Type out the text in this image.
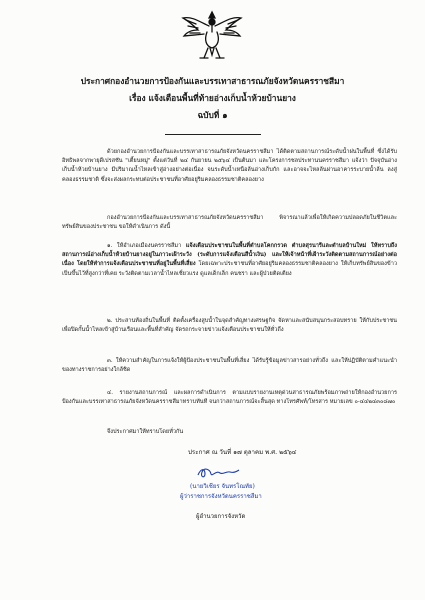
ประกาศกองอำนวยการป้องกันและบรรเทาสาธารณภัยจังหวัดนครราชสีมา
เรื่อง แจ้งเตือนพื้นที่ท้ายอ่างเก็บน้ำห้วยบ้านยาง
ฉบับที่ ๑
ด้วยกองอำนวยการป้องกันและบรรเทาสาธารณภัยจังหวัดนครราชสีมา ได้ติดตามสถานการณ์ระดับน้ำฝนในพื้นที่ ซึ่งได้รับอิทธิพลจากพายุดีเปรสชัน "เตี้ยนหมู่" ตั้งแต่วันที่ ๒๔ กันยายน ๒๕๖๔ เป็นต้นมา และโครงการชลประทานนครราชสีมา แจ้งว่า ปัจจุบันอ่างเก็บน้ำห้วยบ้านยาง มีปริมาณน้ำไหลเข้าสู่อ่างอย่างต่อเนื่อง จนระดับน้ำเหนือล้นอ่างเก็บกัก และอาจจะไหลล้นผ่านอาคารระบายน้ำล้น ลงสู่คลองธรรมชาติ ซึ่งจะส่งผลกระทบต่อประชาชนที่อาศัยอยู่ริมคลองธรรมชาติคลองยาง
กองอำนวยการป้องกันและบรรเทาสาธารณภัยจังหวัดนครราชสีมา พิจารณาแล้วเพื่อให้เกิดความปลอดภัยในชีวิตและทรัพย์สินของประชาชน ขอให้ดำเนินการ ดังนี้
๑. ให้อำเภอเมืองนครราชสีมา แจ้งเตือนประชาชนในพื้นที่ตำบลโคกกรวด ตำบลสุรนารีและตำบลบ้านใหม่ ให้ทราบถึงสถานการณ์อ่างเก็บน้ำห้วยบ้านยางอยู่ในภาวะเฝ้าระวัง (ระดับการแจ้งเตือนสีน้ำเงิน) และให้เจ้าหน้าที่เฝ้าระวังติดตามสถานการณ์อย่างต่อเนื่อง โดยให้ทำการแจ้งเตือนประชาชนที่อยู่ในพื้นที่เสี่ยง โดยเฉพาะประชาชนที่อาศัยอยู่ริมคลองธรรมชาติคลองยาง ให้เก็บทรัพย์สินของข้าวเป็นขึ้นไว้ที่สูงกว่าที่เคย ระวังติดตามเวลาน้ำไหลเชี่ยวแรง ดูแลเด็กเล็ก คนชรา และผู้ป่วยติดเตียง
๒. ประสานท้องถิ่นในพื้นที่ ติดตั้งเครื่องสูบน้ำในจุดสำคัญทางเศรษฐกิจ จัดหาและสนับสนุนกระสอบทราย ให้กับประชาชนเพื่อปิดกั้นน้ำไหลเข้าสู่บ้านเรือนและพื้นที่สำคัญ จัดรถกระจายข่าวแจ้งเตือนประชาชนให้ทั่วถึง
๓. ให้ความสำคัญในการแจ้งให้ผู้ป้องประชาชนในพื้นที่เสี่ยง ได้รับรู้ข้อมูลข่าวสารอย่างทั่วถึง และให้ปฏิบัติตามคำแนะนำของทางราชการอย่างใกล้ชิด
๔. รายงานสถานการณ์ และผลการดำเนินการ ตามแบบรายงานเหตุด่วนสาธารณภัยพร้อมภาพถ่ายให้กองอำนวยการป้องกันและบรรเทาสาธารณภัยจังหวัดนครราชสีมาทราบทันที จนกว่าสถานการณ์จะสิ้นสุด ทางโทรศัพท์/โทรสาร หมายเลข ๐-๔๔๒๔๓๐๘๗๐
จึงประกาศมาให้ทราบโดยทั่วกัน
ประกาศ ณ วันที่ ๑๗ ตุลาคม พ.ศ. ๒๕๖๔
(นายวิเชียร จันทรโณทัย)
ผู้ว่าราชการจังหวัดนครราชสีมา
ผู้อำนวยการจังหวัด
